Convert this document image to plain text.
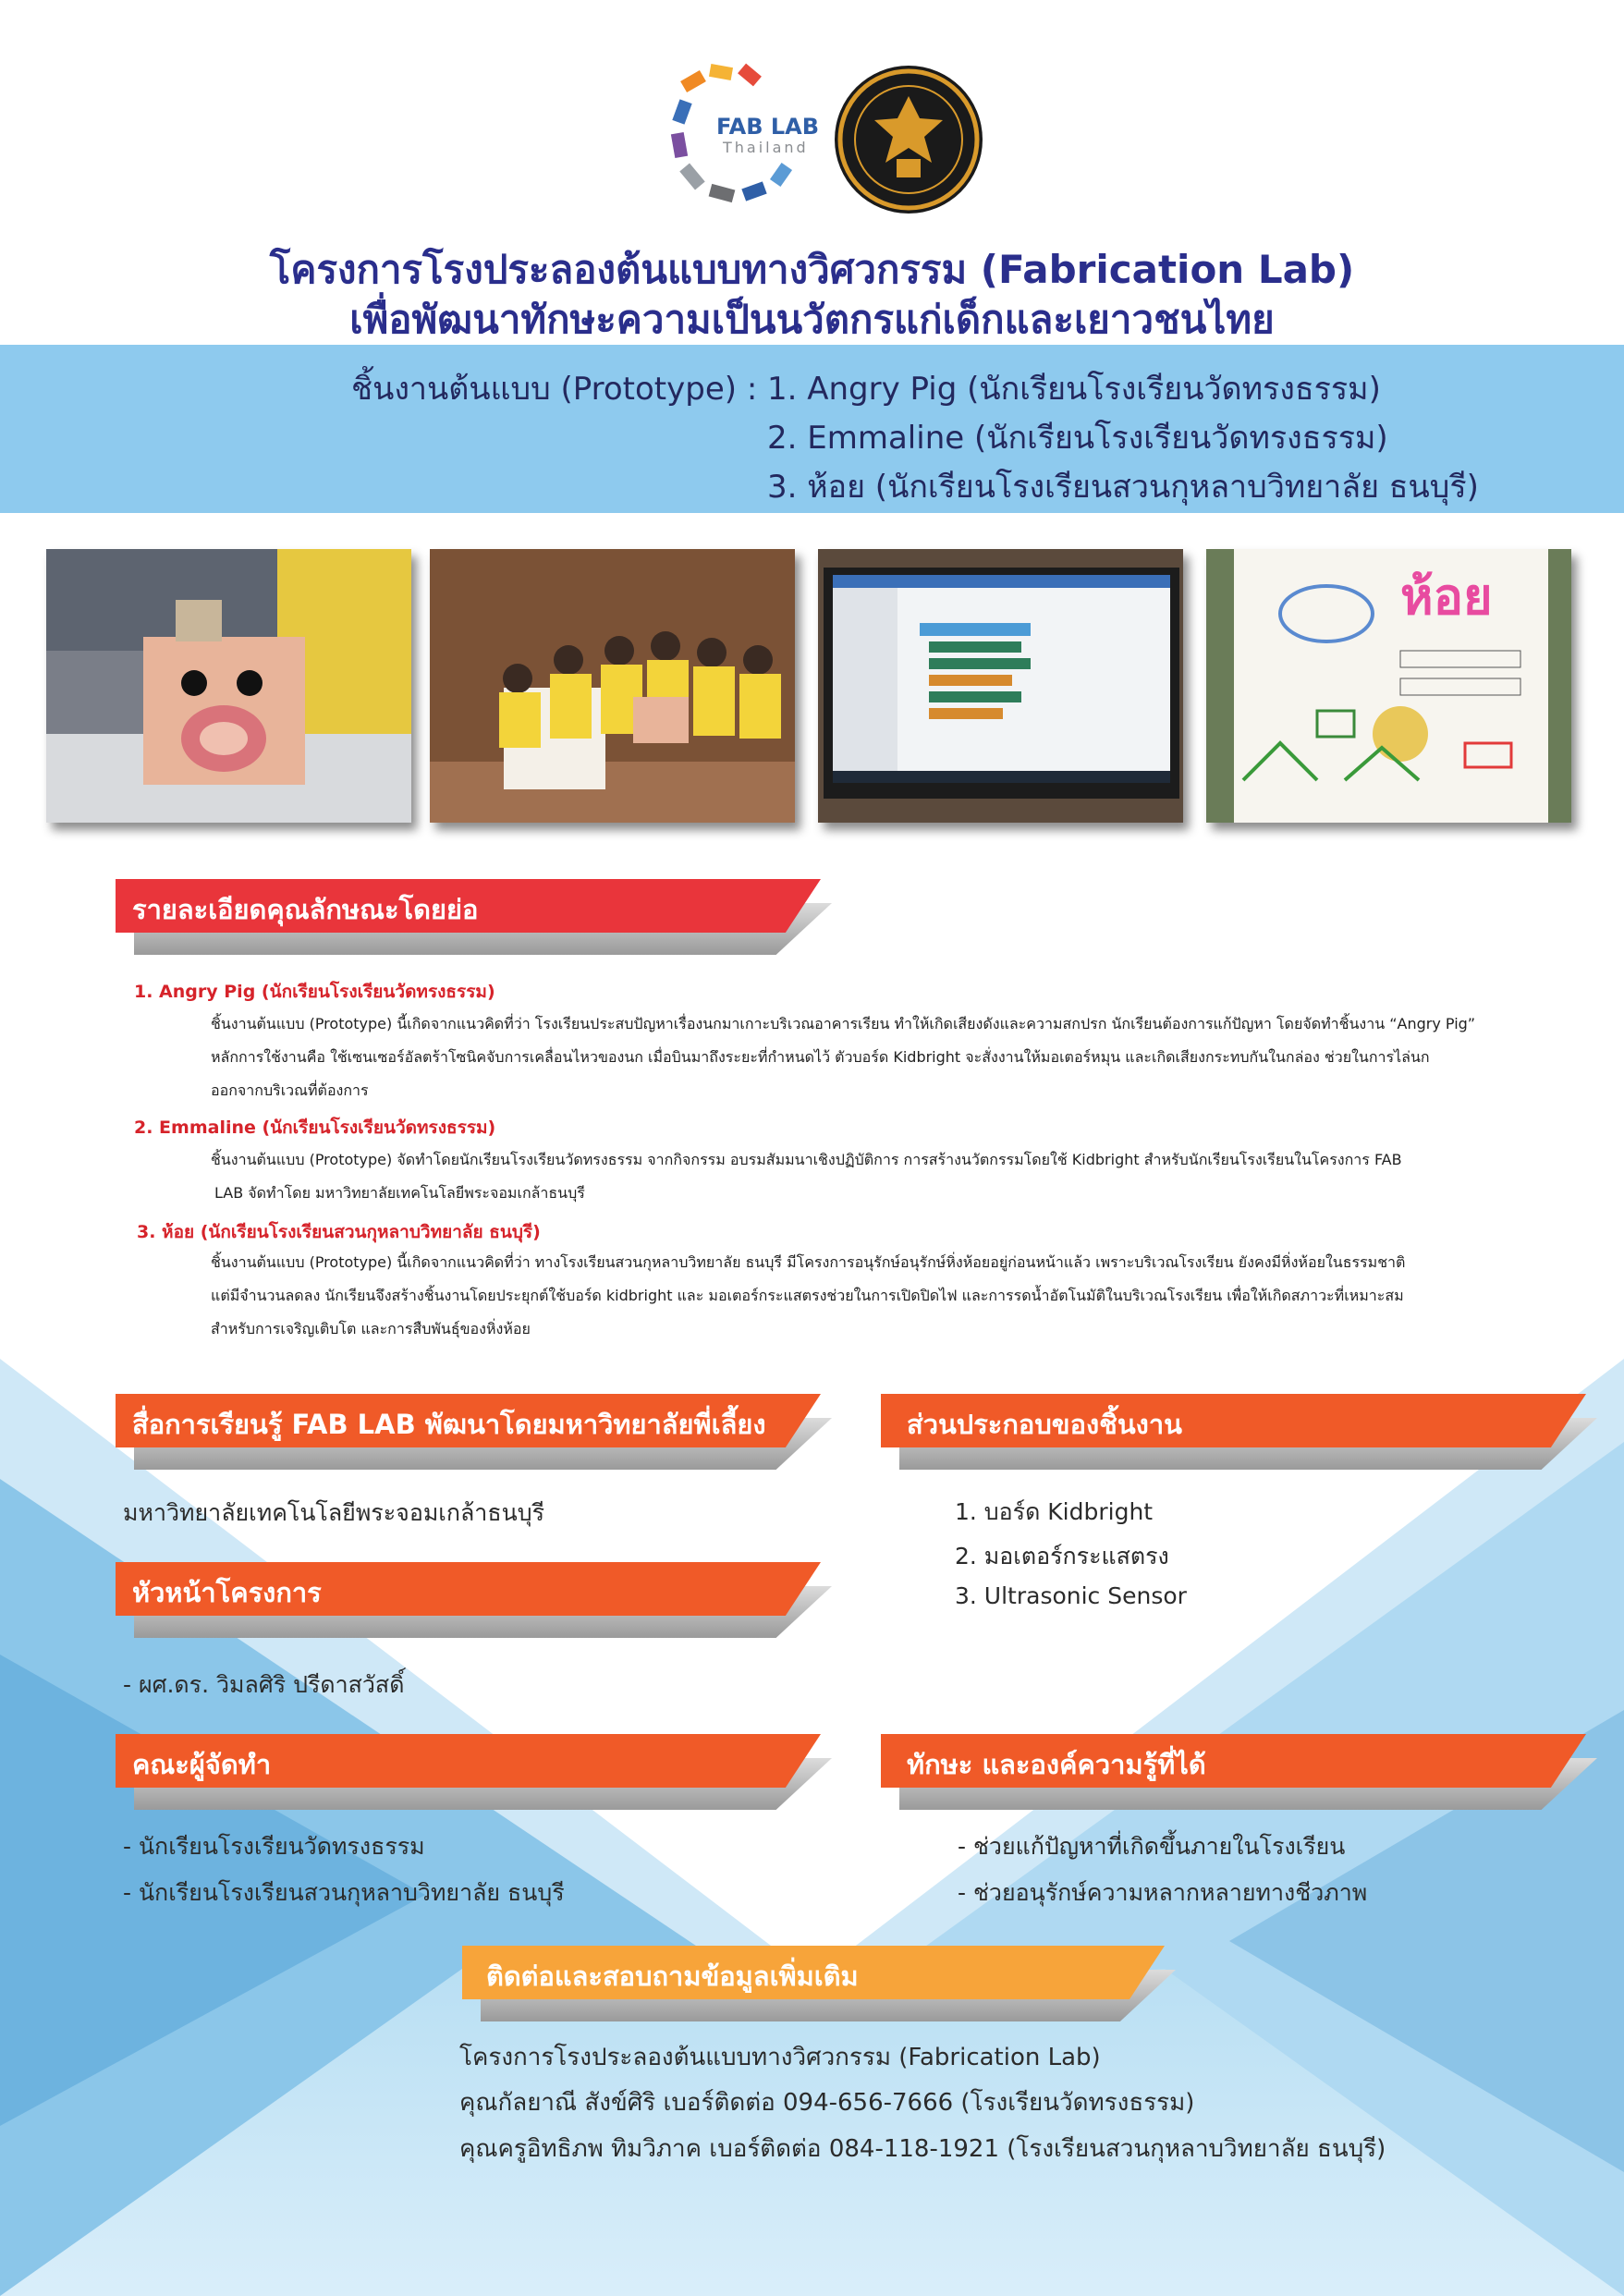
FAB LAB
Thailand
โครงการโรงประลองต้นแบบทางวิศวกรรม (Fabrication Lab)
เพื่อพัฒนาทักษะความเป็นนวัตกรแก่เด็กและเยาวชนไทย
ชิ้นงานต้นแบบ (Prototype) : 1. Angry Pig (นักเรียนโรงเรียนวัดทรงธรรม)
2. Emmaline (นักเรียนโรงเรียนวัดทรงธรรม)
3. ห้อย (นักเรียนโรงเรียนสวนกุหลาบวิทยาลัย ธนบุรี)
ห้อย
รายละเอียดคุณลักษณะโดยย่อ
1. Angry Pig (นักเรียนโรงเรียนวัดทรงธรรม)
ชิ้นงานต้นแบบ (Prototype) นี้เกิดจากแนวคิดที่ว่า โรงเรียนประสบปัญหาเรื่องนกมาเกาะบริเวณอาคารเรียน ทำให้เกิดเสียงดังและความสกปรก นักเรียนต้องการแก้ปัญหา โดยจัดทำชิ้นงาน “Angry Pig”
หลักการใช้งานคือ ใช้เซนเซอร์อัลตร้าโซนิคจับการเคลื่อนไหวของนก เมื่อบินมาถึงระยะที่กำหนดไว้ ตัวบอร์ด Kidbright จะสั่งงานให้มอเตอร์หมุน และเกิดเสียงกระทบกันในกล่อง ช่วยในการไล่นก
ออกจากบริเวณที่ต้องการ
2. Emmaline (นักเรียนโรงเรียนวัดทรงธรรม)
ชิ้นงานต้นแบบ (Prototype) จัดทำโดยนักเรียนโรงเรียนวัดทรงธรรม จากกิจกรรม อบรมสัมมนาเชิงปฏิบัติการ การสร้างนวัตกรรมโดยใช้ Kidbright สำหรับนักเรียนโรงเรียนในโครงการ FAB
LAB จัดทำโดย มหาวิทยาลัยเทคโนโลยีพระจอมเกล้าธนบุรี
3. ห้อย (นักเรียนโรงเรียนสวนกุหลาบวิทยาลัย ธนบุรี)
ชิ้นงานต้นแบบ (Prototype) นี้เกิดจากแนวคิดที่ว่า ทางโรงเรียนสวนกุหลาบวิทยาลัย ธนบุรี มีโครงการอนุรักษ์อนุรักษ์หิ่งห้อยอยู่ก่อนหน้าแล้ว เพราะบริเวณโรงเรียน ยังคงมีหิ่งห้อยในธรรมชาติ
แต่มีจำนวนลดลง นักเรียนจึงสร้างชิ้นงานโดยประยุกต์ใช้บอร์ด kidbright และ มอเตอร์กระแสตรงช่วยในการเปิดปิดไฟ และการรดน้ำอัตโนมัติในบริเวณโรงเรียน เพื่อให้เกิดสภาวะที่เหมาะสม
สำหรับการเจริญเติบโต และการสืบพันธุ์ของหิ่งห้อย
สื่อการเรียนรู้ FAB LAB พัฒนาโดยมหาวิทยาลัยพี่เลี้ยง
มหาวิทยาลัยเทคโนโลยีพระจอมเกล้าธนบุรี
ส่วนประกอบของชิ้นงาน
1. บอร์ด Kidbright
2. มอเตอร์กระแสตรง
3. Ultrasonic Sensor
หัวหน้าโครงการ
- ผศ.ดร. วิมลศิริ ปรีดาสวัสดิ์
คณะผู้จัดทำ
- นักเรียนโรงเรียนวัดทรงธรรม
- นักเรียนโรงเรียนสวนกุหลาบวิทยาลัย ธนบุรี
ทักษะ และองค์ความรู้ที่ได้
- ช่วยแก้ปัญหาที่เกิดขึ้นภายในโรงเรียน
- ช่วยอนุรักษ์ความหลากหลายทางชีวภาพ
ติดต่อและสอบถามข้อมูลเพิ่มเติม
โครงการโรงประลองต้นแบบทางวิศวกรรม (Fabrication Lab)
คุณกัลยาณี สังข์ศิริ เบอร์ติดต่อ 094-656-7666 (โรงเรียนวัดทรงธรรม)
คุณครูอิทธิภพ ทิมวิภาค เบอร์ติดต่อ 084-118-1921 (โรงเรียนสวนกุหลาบวิทยาลัย ธนบุรี)
